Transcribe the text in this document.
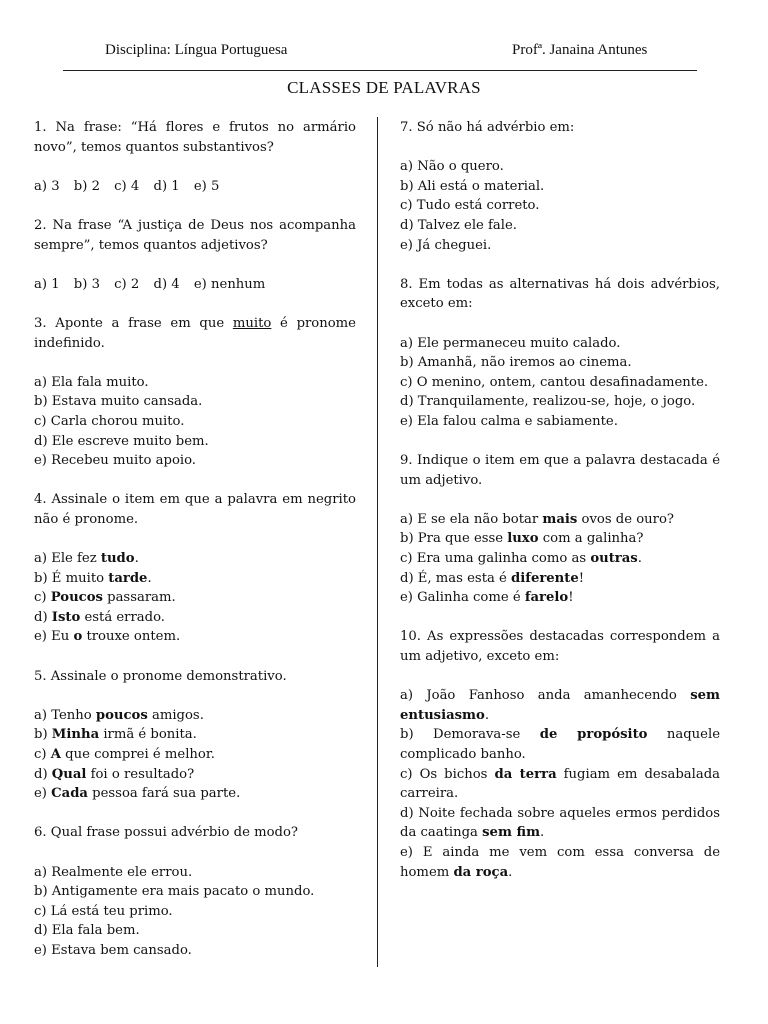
Disciplina: Língua Portuguesa	Profª. Janaina Antunes
CLASSES DE PALAVRAS

1. Na frase: “Há flores e frutos no armário novo”, temos quantos substantivos?

a) 3 b) 2 c) 4 d) 1 e) 5

2. Na frase “A justiça de Deus nos acompanha sempre”, temos quantos adjetivos?

a) 1 b) 3 c) 2 d) 4 e) nenhum

3. Aponte a frase em que muito é pronome indefinido.

a) Ela fala muito.
b) Estava muito cansada.
c) Carla chorou muito.
d) Ele escreve muito bem.
e) Recebeu muito apoio.

4. Assinale o item em que a palavra em negrito não é pronome.

a) Ele fez tudo.
b) É muito tarde.
c) Poucos passaram.
d) Isto está errado.
e) Eu o trouxe ontem.

5. Assinale o pronome demonstrativo.

a) Tenho poucos amigos.
b) Minha irmã é bonita.
c) A que comprei é melhor.
d) Qual foi o resultado?
e) Cada pessoa fará sua parte.

6. Qual frase possui advérbio de modo?

a) Realmente ele errou.
b) Antigamente era mais pacato o mundo.
c) Lá está teu primo.
d) Ela fala bem.
e) Estava bem cansado.

7. Só não há advérbio em:

a) Não o quero.
b) Ali está o material.
c) Tudo está correto.
d) Talvez ele fale.
e) Já cheguei.

8. Em todas as alternativas há dois advérbios, exceto em:

a) Ele permaneceu muito calado.
b) Amanhã, não iremos ao cinema.
c) O menino, ontem, cantou desafinadamente.
d) Tranquilamente, realizou-se, hoje, o jogo.
e) Ela falou calma e sabiamente.

9. Indique o item em que a palavra destacada é um adjetivo.

a) E se ela não botar mais ovos de ouro?
b) Pra que esse luxo com a galinha?
c) Era uma galinha como as outras.
d) É, mas esta é diferente!
e) Galinha come é farelo!

10. As expressões destacadas correspondem a um adjetivo, exceto em:

a) João Fanhoso anda amanhecendo sem entusiasmo.
b) Demorava-se de propósito naquele complicado banho.
c) Os bichos da terra fugiam em desabalada carreira.
d) Noite fechada sobre aqueles ermos perdidos da caatinga sem fim.
e) E ainda me vem com essa conversa de homem da roça.
